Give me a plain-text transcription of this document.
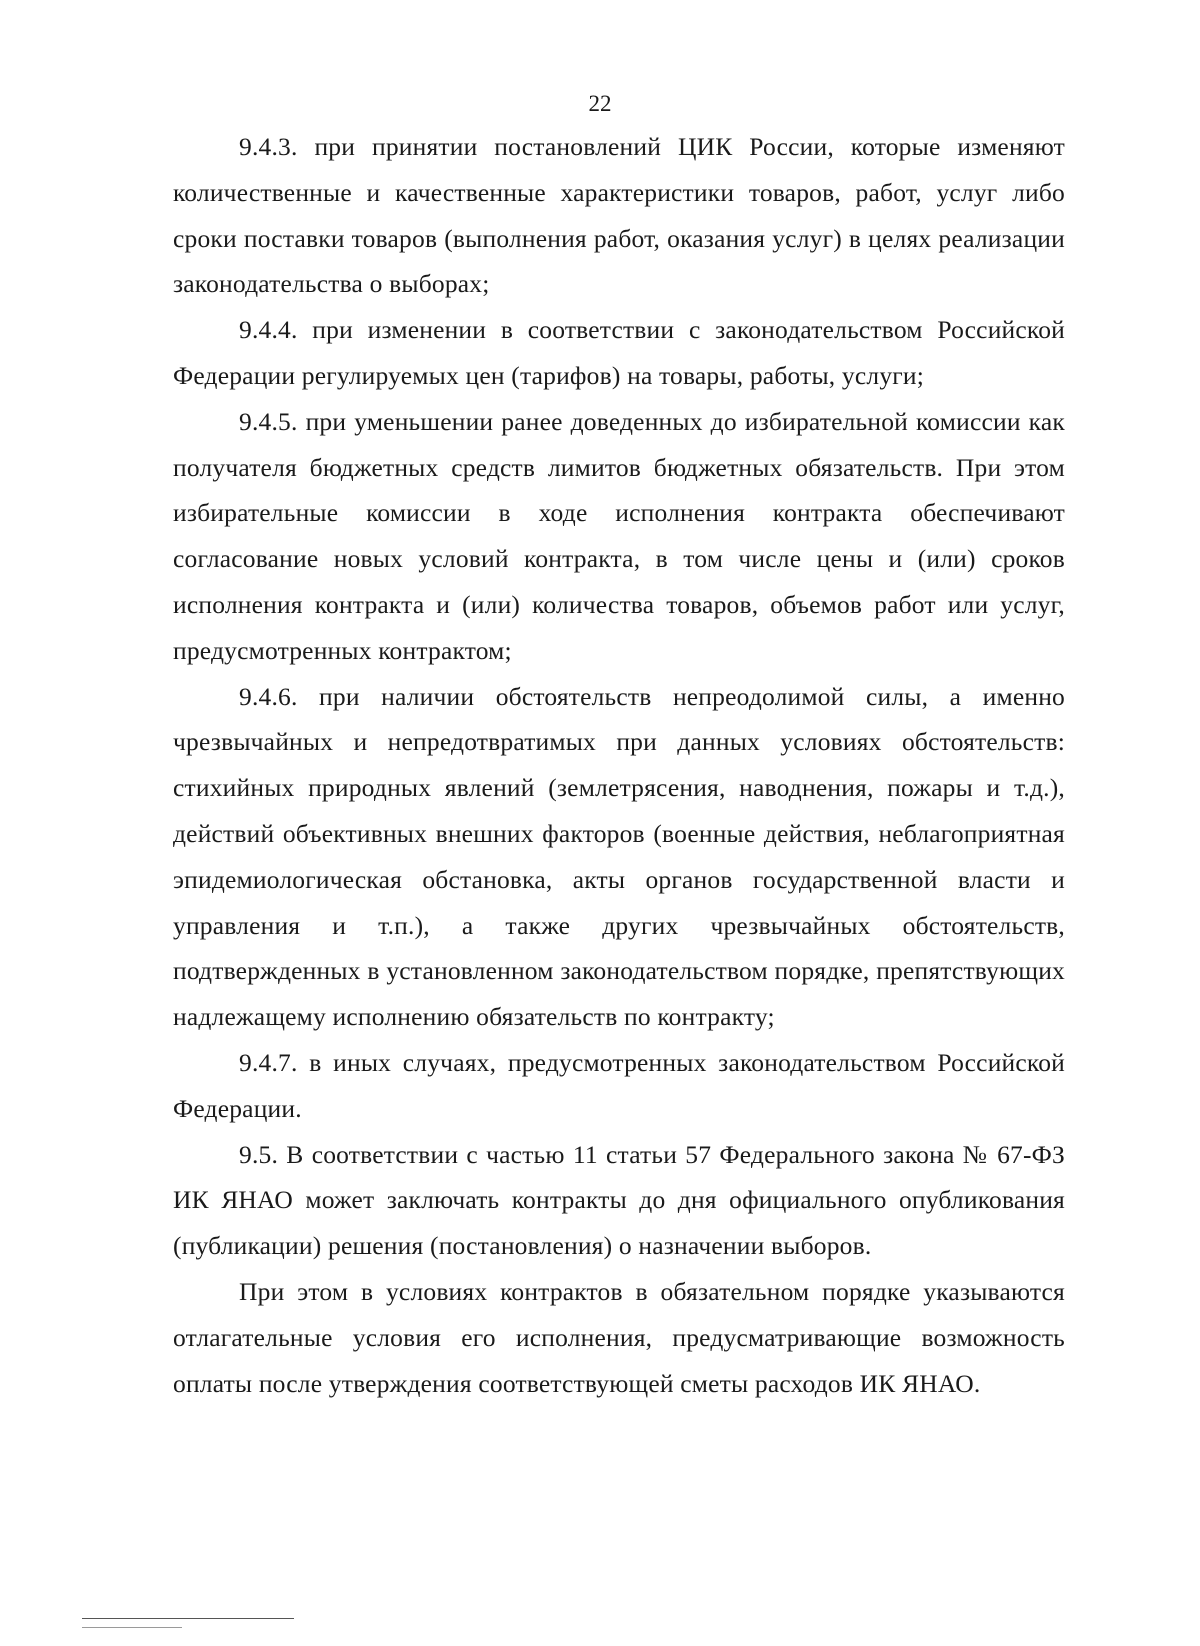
22

9.4.3. при принятии постановлений ЦИК России, которые изменяют количественные и качественные характеристики товаров, работ, услуг либо сроки поставки товаров (выполнения работ, оказания услуг) в целях реализации законодательства о выборах;

9.4.4. при изменении в соответствии с законодательством Российской Федерации регулируемых цен (тарифов) на товары, работы, услуги;

9.4.5. при уменьшении ранее доведенных до избирательной комиссии как получателя бюджетных средств лимитов бюджетных обязательств. При этом избирательные комиссии в ходе исполнения контракта обеспечивают согласование новых условий контракта, в том числе цены и (или) сроков исполнения контракта и (или) количества товаров, объемов работ или услуг, предусмотренных контрактом;

9.4.6. при наличии обстоятельств непреодолимой силы, а именно чрезвычайных и непредотвратимых при данных условиях обстоятельств: стихийных природных явлений (землетрясения, наводнения, пожары и т.д.), действий объективных внешних факторов (военные действия, неблагоприятная эпидемиологическая обстановка, акты органов государственной власти и управления и т.п.), а также других чрезвычайных обстоятельств, подтвержденных в установленном законодательством порядке, препятствующих надлежащему исполнению обязательств по контракту;

9.4.7. в иных случаях, предусмотренных законодательством Российской Федерации.

9.5. В соответствии с частью 11 статьи 57 Федерального закона № 67-ФЗ ИК ЯНАО может заключать контракты до дня официального опубликования (публикации) решения (постановления) о назначении выборов.

При этом в условиях контрактов в обязательном порядке указываются отлагательные условия его исполнения, предусматривающие возможность оплаты после утверждения соответствующей сметы расходов ИК ЯНАО.
